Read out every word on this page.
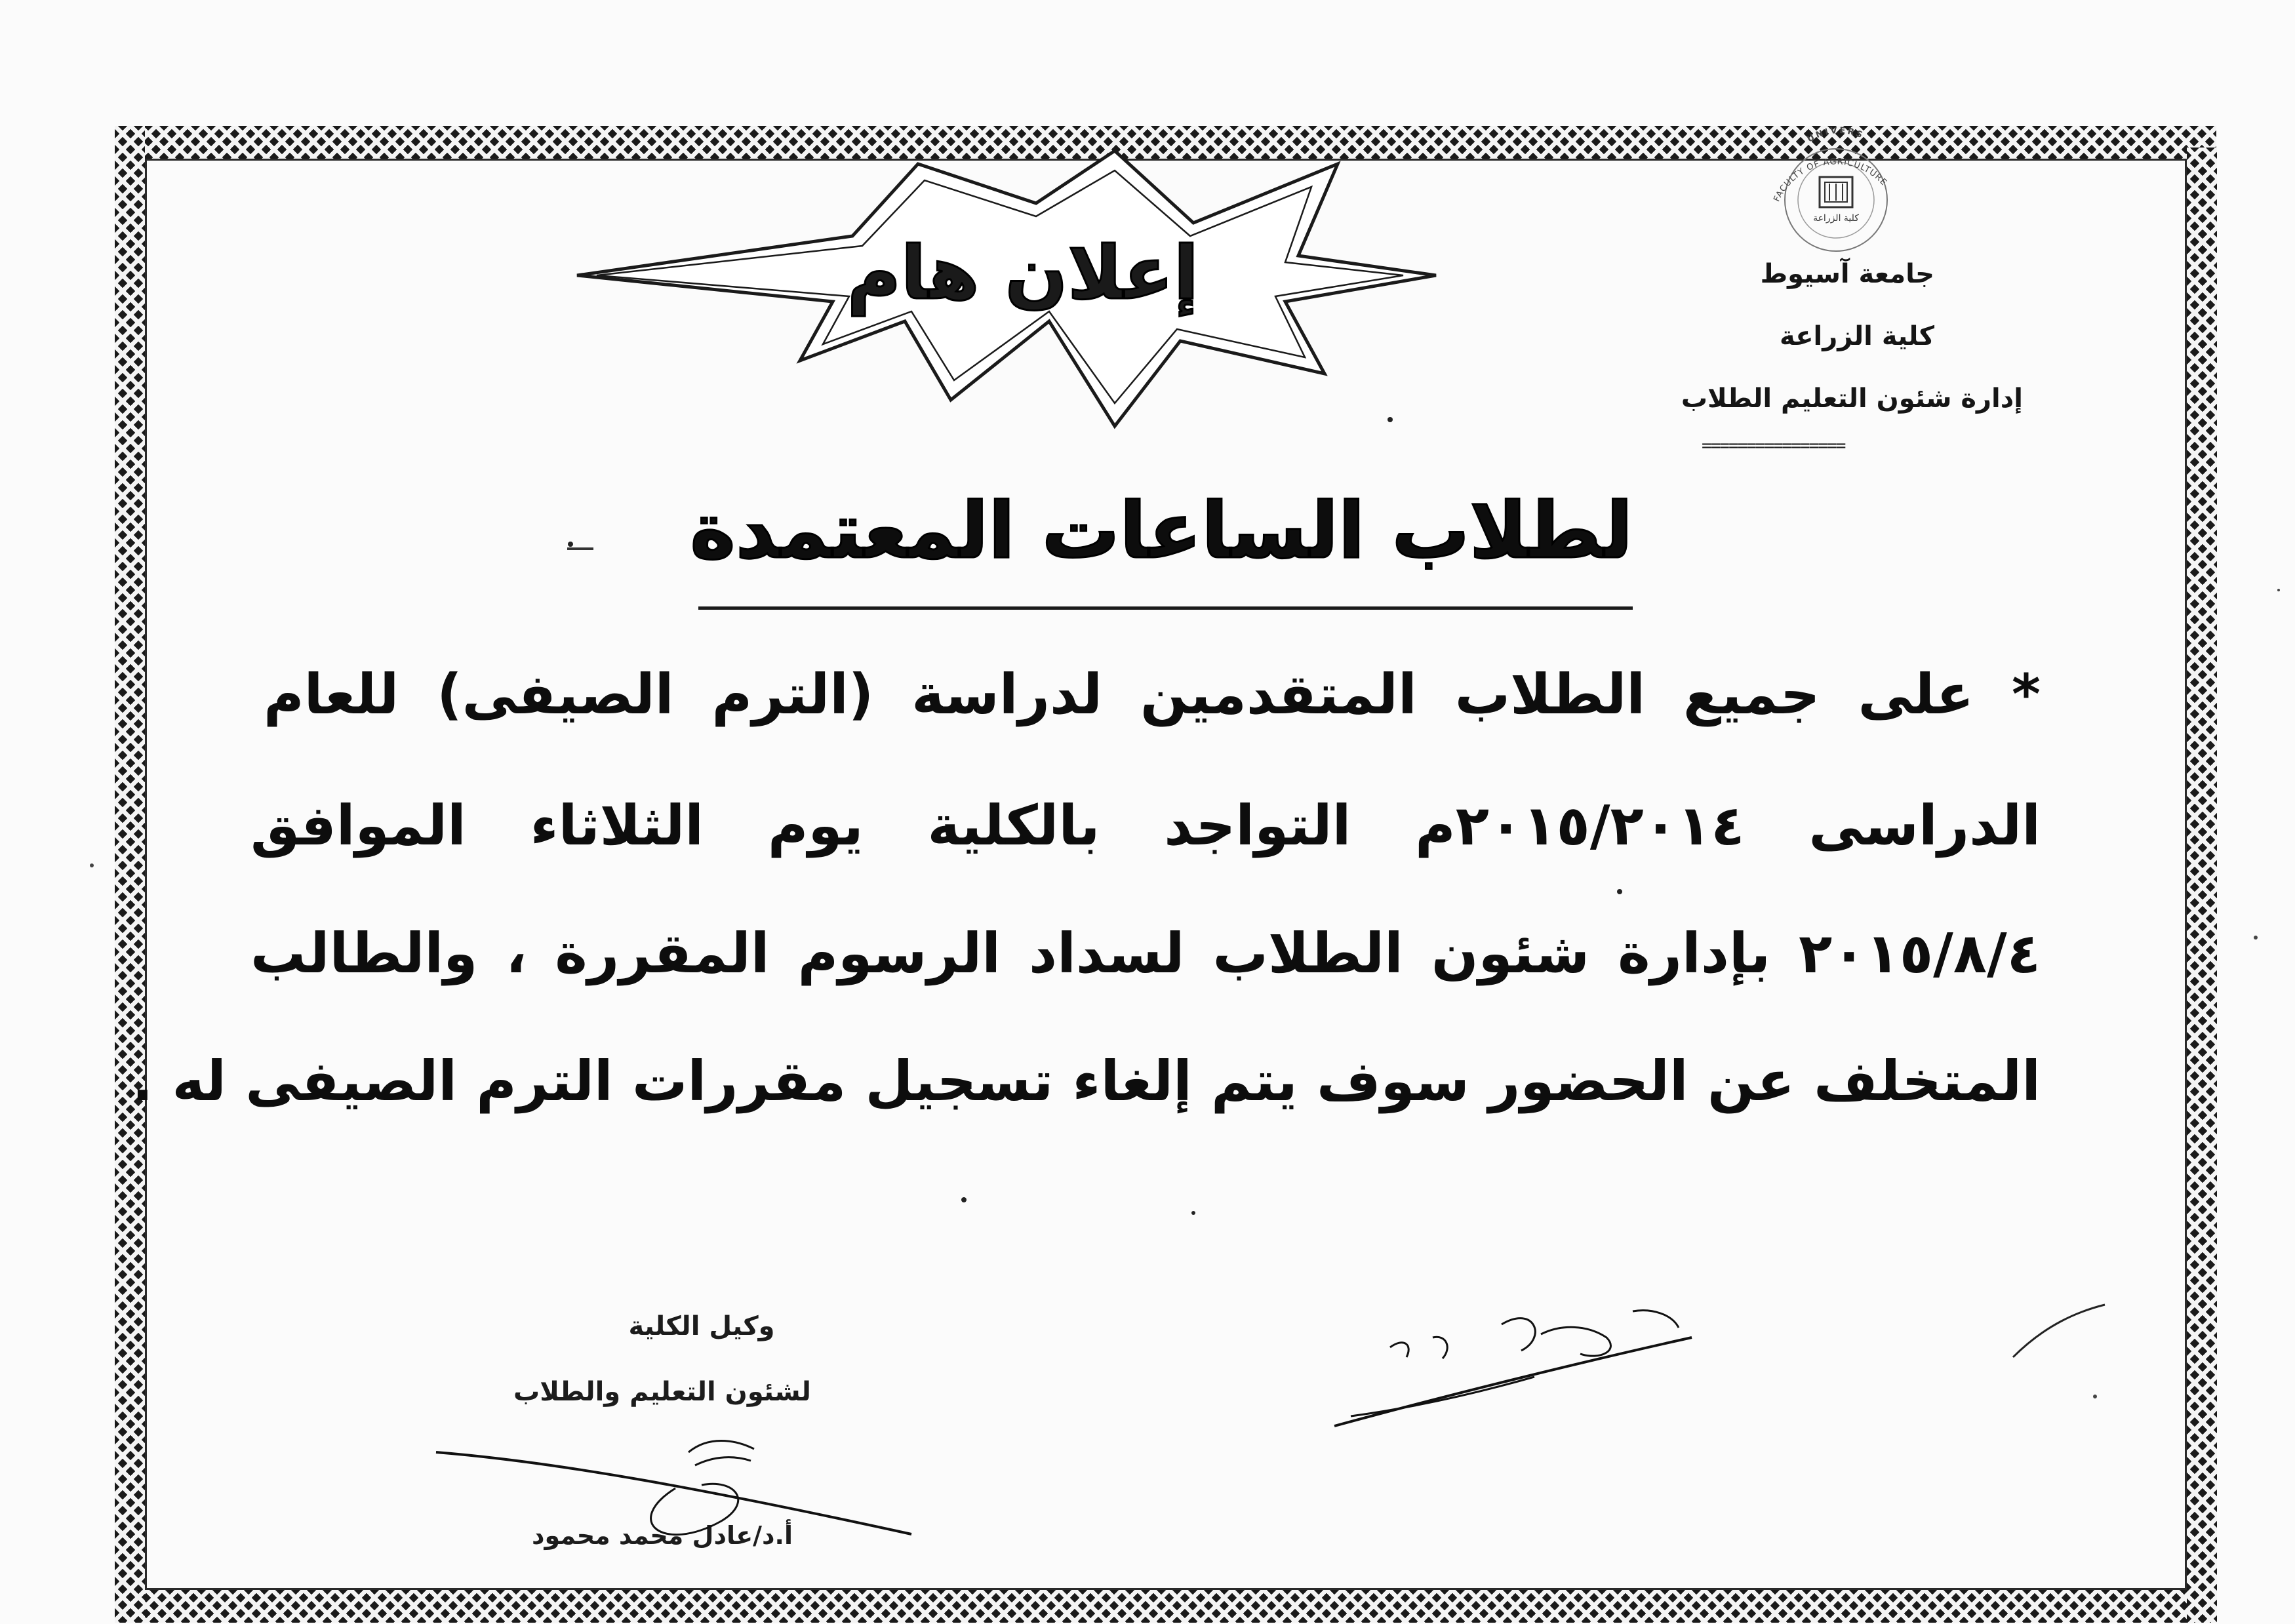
FACULTY OF AGRICULTURE
UNIVERS
كلية الزراعة
جامعة آسيوط
كلية الزراعة
إدارة شئون التعليم الطلاب
================
إعلان هام
لطلاب الساعات المعتمدة
* على جميع الطلاب المتقدمين لدراسة (الترم الصيفى) للعام
الدراسى ٢٠١٥/٢٠١٤م التواجد بالكلية يوم الثلاثاء الموافق
٢٠١٥/٨/٤ بإدارة شئون الطلاب لسداد الرسوم المقررة ، والطالب
المتخلف عن الحضور سوف يتم إلغاء تسجيل مقررات الترم الصيفى له .
وكيل الكلية
لشئون التعليم والطلاب
أ.د/عادل محمد محمود
